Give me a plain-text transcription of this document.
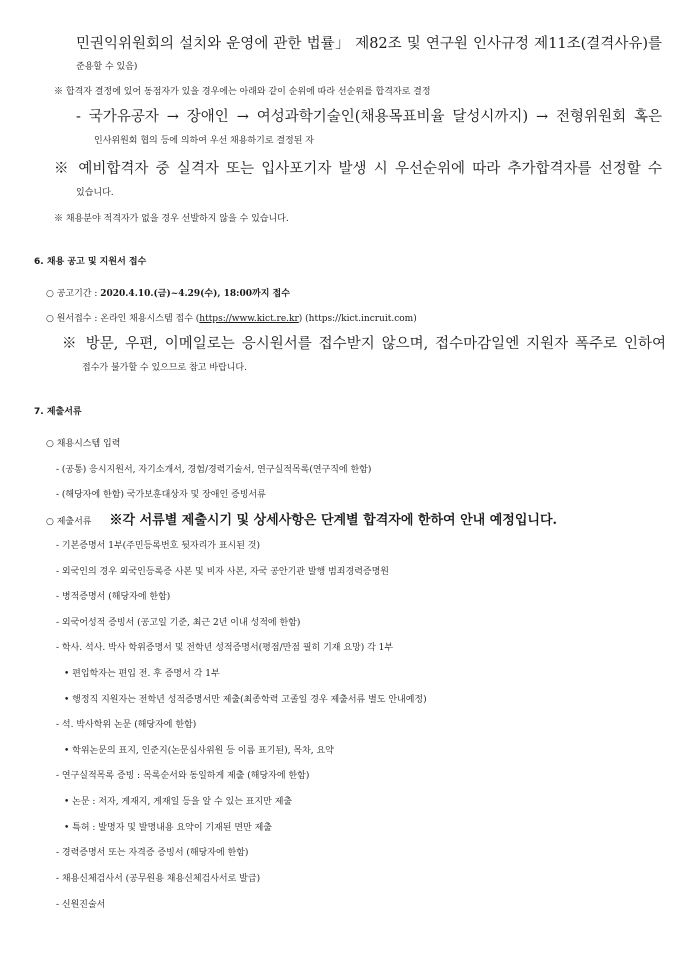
민권익위원회의 설치와 운영에 관한 법률」 제82조 및 연구원 인사규정 제11조(결격사유)를
준용할 수 있음)
※ 합격자 결정에 있어 동점자가 있을 경우에는 아래와 같이 순위에 따라 선순위를 합격자로 결정
- 국가유공자 → 장애인 → 여성과학기술인(채용목표비율 달성시까지) → 전형위원회 혹은
인사위원회 협의 등에 의하여 우선 채용하기로 결정된 자
※ 예비합격자 중 실격자 또는 입사포기자 발생 시 우선순위에 따라 추가합격자를 선정할 수
있습니다.
※ 채용분야 적격자가 없을 경우 선발하지 않을 수 있습니다.
6. 채용 공고 및 지원서 접수
○ 공고기간 : 2020.4.10.(금)~4.29(수), 18:00까지 접수
○ 원서접수 : 온라인 채용시스템 접수 (https://www.kict.re.kr) (https://kict.incruit.com)
※ 방문, 우편, 이메일로는 응시원서를 접수받지 않으며, 접수마감일엔 지원자 폭주로 인하여
접수가 불가할 수 있으므로 참고 바랍니다.
7. 제출서류
○ 채용시스템 입력
- (공통) 응시지원서, 자기소개서, 경험/경력기술서, 연구실적목록(연구직에 한함)
- (해당자에 한함) 국가보훈대상자 및 장애인 증빙서류
○ 제출서류 ※각 서류별 제출시기 및 상세사항은 단계별 합격자에 한하여 안내 예정입니다.
- 기본증명서 1부(주민등록번호 뒷자리가 표시된 것)
- 외국인의 경우 외국인등록증 사본 및 비자 사본, 자국 공안기관 발행 범죄경력증명원
- 병적증명서 (해당자에 한함)
- 외국어성적 증빙서 (공고일 기준, 최근 2년 이내 성적에 한함)
- 학사. 석사. 박사 학위증명서 및 전학년 성적증명서(평점/만점 필히 기재 요망) 각 1부
• 편입학자는 편입 전. 후 증명서 각 1부
• 행정직 지원자는 전학년 성적증명서만 제출(최종학력 고졸일 경우 제출서류 별도 안내예정)
- 석. 박사학위 논문 (해당자에 한함)
• 학위논문의 표지, 인준지(논문심사위원 등 이름 표기된), 목차, 요약
- 연구실적목록 증빙 : 목록순서와 동일하게 제출 (해당자에 한함)
• 논문 : 저자, 게재지, 게재일 등을 알 수 있는 표지만 제출
• 특허 : 발명자 및 발명내용 요약이 기재된 면만 제출
- 경력증명서 또는 자격증 증빙서 (해당자에 한함)
- 채용신체검사서 (공무원용 채용신체검사서로 발급)
- 신원진술서
